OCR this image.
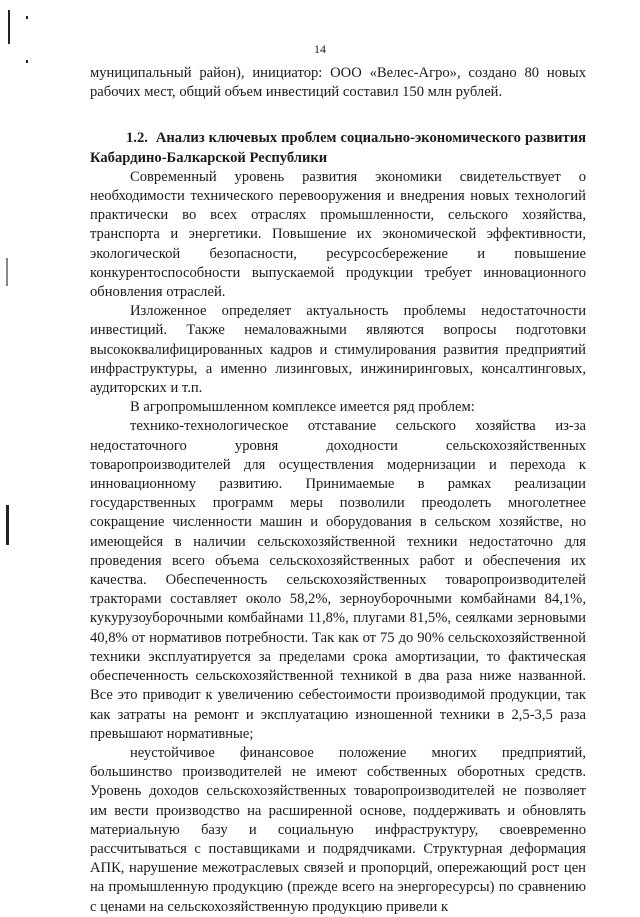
14

муниципальный район), инициатор: ООО «Велес-Агро», создано 80 новых рабочих мест, общий объем инвестиций составил 150 млн рублей.

1.2. Анализ ключевых проблем социально-экономического развития Кабардино-Балкарской Республики

Современный уровень развития экономики свидетельствует о необходимости технического перевооружения и внедрения новых технологий практически во всех отраслях промышленности, сельского хозяйства, транспорта и энергетики. Повышение их экономической эффективности, экологической безопасности, ресурсосбережение и повышение конкурентоспособности выпускаемой продукции требует инновационного обновления отраслей.

Изложенное определяет актуальность проблемы недостаточности инвестиций. Также немаловажными являются вопросы подготовки высококвалифицированных кадров и стимулирования развития предприятий инфраструктуры, а именно лизинговых, инжиниринговых, консалтинговых, аудиторских и т.п.

В агропромышленном комплексе имеется ряд проблем:

технико-технологическое отставание сельского хозяйства из-за недостаточного уровня доходности сельскохозяйственных товаропроизводителей для осуществления модернизации и перехода к инновационному развитию. Принимаемые в рамках реализации государственных программ меры позволили преодолеть многолетнее сокращение численности машин и оборудования в сельском хозяйстве, но имеющейся в наличии сельскохозяйственной техники недостаточно для проведения всего объема сельскохозяйственных работ и обеспечения их качества. Обеспеченность сельскохозяйственных товаропроизводителей тракторами составляет около 58,2%, зерноуборочными комбайнами 84,1%, кукурузоуборочными комбайнами 11,8%, плугами 81,5%, сеялками зерновыми 40,8% от нормативов потребности. Так как от 75 до 90% сельскохозяйственной техники эксплуатируется за пределами срока амортизации, то фактическая обеспеченность сельскохозяйственной техникой в два раза ниже названной. Все это приводит к увеличению себестоимости производимой продукции, так как затраты на ремонт и эксплуатацию изношенной техники в 2,5-3,5 раза превышают нормативные;

неустойчивое финансовое положение многих предприятий, большинство производителей не имеют собственных оборотных средств. Уровень доходов сельскохозяйственных товаропроизводителей не позволяет им вести производство на расширенной основе, поддерживать и обновлять материальную базу и социальную инфраструктуру, своевременно рассчитываться с поставщиками и подрядчиками. Структурная деформация АПК, нарушение межотраслевых связей и пропорций, опережающий рост цен на промышленную продукцию (прежде всего на энергоресурсы) по сравнению с ценами на сельскохозяйственную продукцию привели к
